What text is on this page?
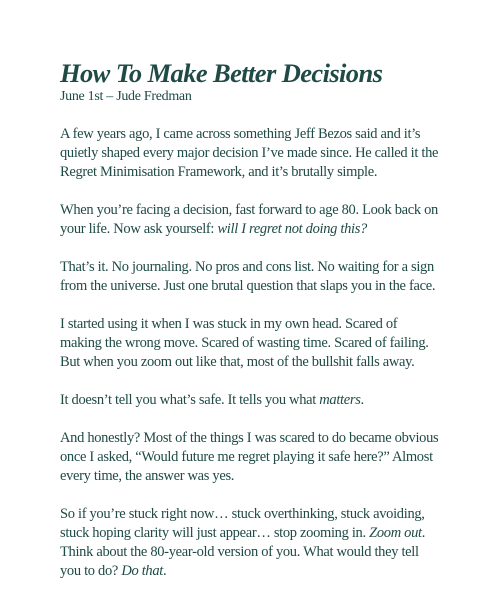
How To Make Better Decisions
June 1st – Jude Fredman

A few years ago, I came across something Jeff Bezos said and it’s
quietly shaped every major decision I’ve made since. He called it the
Regret Minimisation Framework, and it’s brutally simple.

When you’re facing a decision, fast forward to age 80. Look back on
your life. Now ask yourself: will I regret not doing this?

That’s it. No journaling. No pros and cons list. No waiting for a sign
from the universe. Just one brutal question that slaps you in the face.

I started using it when I was stuck in my own head. Scared of
making the wrong move. Scared of wasting time. Scared of failing.
But when you zoom out like that, most of the bullshit falls away.

It doesn’t tell you what’s safe. It tells you what matters.

And honestly? Most of the things I was scared to do became obvious
once I asked, “Would future me regret playing it safe here?” Almost
every time, the answer was yes.

So if you’re stuck right now… stuck overthinking, stuck avoiding,
stuck hoping clarity will just appear… stop zooming in. Zoom out.
Think about the 80-year-old version of you. What would they tell
you to do? Do that.
